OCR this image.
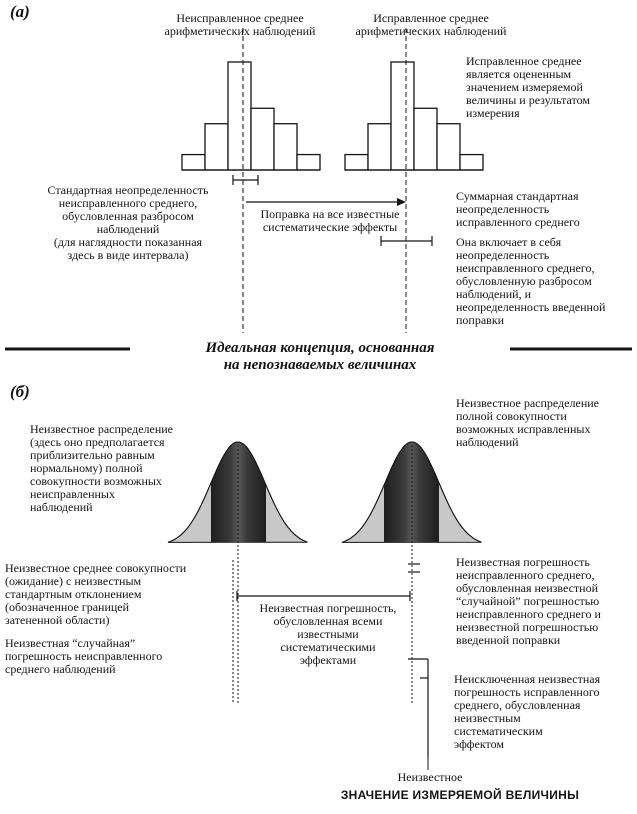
(а)	Неисправленное среднее
арифметических наблюдений
Исправленное среднее
арифметических наблюдений
Исправленное среднее
является оцененным
значением измеряемой
величины и результатом
измерения
Стандартная неопределенность
неисправленного среднего,
обусловленная разбросом
наблюдений
(для наглядности показанная
здесь в виде интервала)
Поправка на все известные
систематические эффекты
Суммарная стандартная
неопределенность
исправленного среднего
Она включает в себя
неопределенность
неисправленного среднего,
обусловленную разбросом
наблюдений, и
неопределенность введенной
поправки
Идеальная концепция, основанная
на непознаваемых величинах
(б)
Неизвестное распределение
полной совокупности
возможных исправленных
наблюдений
Неизвестное распределение
(здесь оно предполагается
приблизительно равным
нормальному) полной
совокупности возможных
неисправленных
наблюдений
Неизвестное среднее совокупности
(ожидание) с неизвестным
стандартным отклонением
(обозначенное границей
затененной области)
Неизвестная “случайная”
погрешность неисправленного
среднего наблюдений
Неизвестная погрешность,
обусловленная всеми
известными
систематическими
эффектами
Неизвестная погрешность
неисправленного среднего,
обусловленная неизвестной
“случайной” погрешностью
неисправленного среднего и
неизвестной погрешностью
введенной поправки
Неисключенная неизвестная
погрешность исправленного
среднего, обусловленная
неизвестным
систематическим
эффектом
Неизвестное
ЗНАЧЕНИЕ ИЗМЕРЯЕМОЙ ВЕЛИЧИНЫ
